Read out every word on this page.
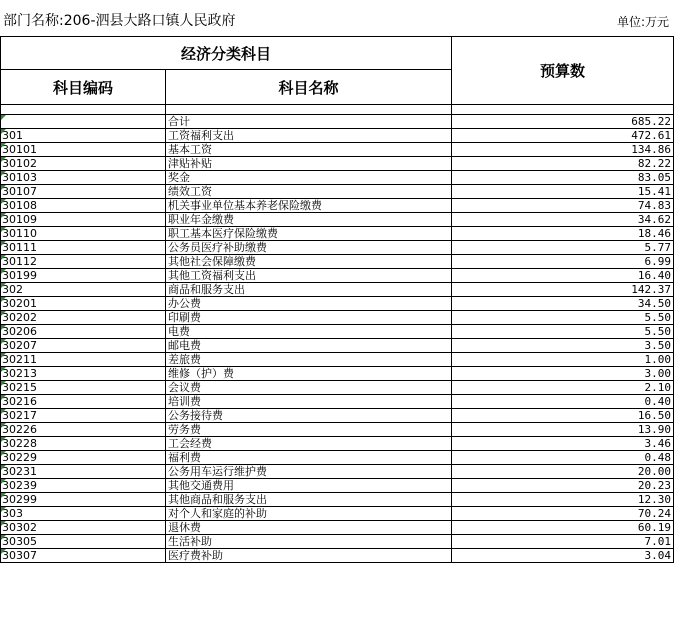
部门名称:206-泗县大路口镇人民政府	单位:万元
经济分类科目		预算数
科目编码	科目名称	

	合计	685.22
301	工资福利支出	472.61
30101	基本工资	134.86
30102	津贴补贴	82.22
30103	奖金	83.05
30107	绩效工资	15.41
30108	机关事业单位基本养老保险缴费	74.83
30109	职业年金缴费	34.62
30110	职工基本医疗保险缴费	18.46
30111	公务员医疗补助缴费	5.77
30112	其他社会保障缴费	6.99
30199	其他工资福利支出	16.40
302	商品和服务支出	142.37
30201	办公费	34.50
30202	印刷费	5.50
30206	电费	5.50
30207	邮电费	3.50
30211	差旅费	1.00
30213	维修（护）费	3.00
30215	会议费	2.10
30216	培训费	0.40
30217	公务接待费	16.50
30226	劳务费	13.90
30228	工会经费	3.46
30229	福利费	0.48
30231	公务用车运行维护费	20.00
30239	其他交通费用	20.23
30299	其他商品和服务支出	12.30
303	对个人和家庭的补助	70.24
30302	退休费	60.19
30305	生活补助	7.01
30307	医疗费补助	3.04
